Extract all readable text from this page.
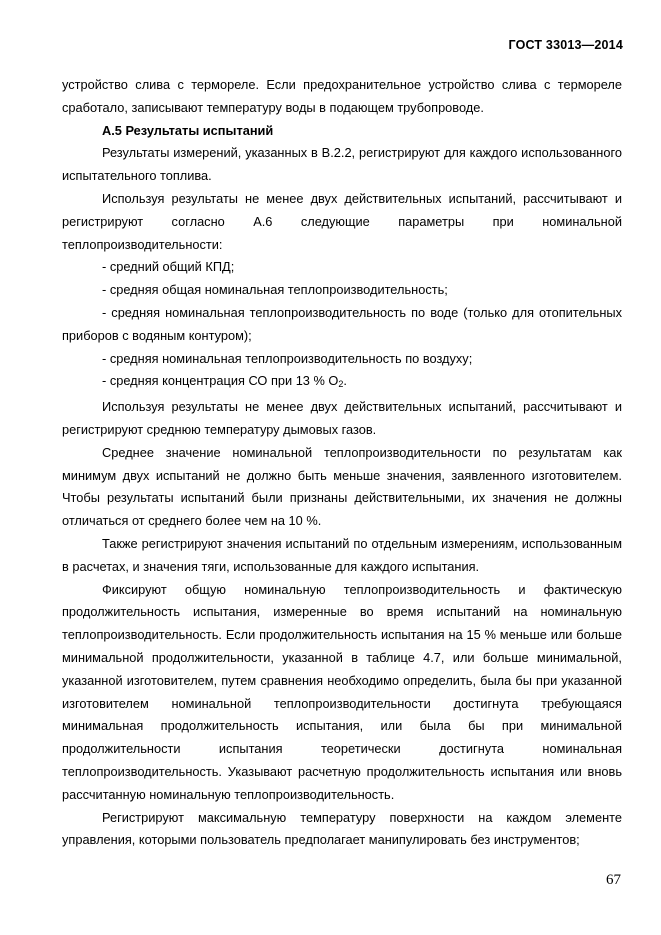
ГОСТ 33013—2014

устройство слива с термореле. Если предохранительное устройство слива с термореле сработало, записывают температуру воды в подающем трубопроводе.

А.5 Результаты испытаний

Результаты измерений, указанных в В.2.2, регистрируют для каждого использованного испытательного топлива.

Используя результаты не менее двух действительных испытаний, рассчитывают и регистрируют согласно А.6 следующие параметры при номинальной теплопроизводительности:

- средний общий КПД;

- средняя общая номинальная теплопроизводительность;

- средняя номинальная теплопроизводительность по воде (только для отопительных приборов с водяным контуром);

- средняя номинальная теплопроизводительность по воздуху;

- средняя концентрация СО при 13 % $О_2$.

Используя результаты не менее двух действительных испытаний, рассчитывают и регистрируют среднюю температуру дымовых газов.

Среднее значение номинальной теплопроизводительности по результатам как минимум двух испытаний не должно быть меньше значения, заявленного изготовителем. Чтобы результаты испытаний были признаны действительными, их значения не должны отличаться от среднего более чем на 10 %.

Также регистрируют значения испытаний по отдельным измерениям, использованным в расчетах, и значения тяги, использованные для каждого испытания.

Фиксируют общую номинальную теплопроизводительность и фактическую продолжительность испытания, измеренные во время испытаний на номинальную теплопроизводительность. Если продолжительность испытания на 15 % меньше или больше минимальной продолжительности, указанной в таблице 4.7, или больше минимальной, указанной изготовителем, путем сравнения необходимо определить, была бы при указанной изготовителем номинальной теплопроизводительности достигнута требующаяся минимальная продолжительность испытания, или была бы при минимальной продолжительности испытания теоретически достигнута номинальная теплопроизводительность. Указывают расчетную продолжительность испытания или вновь рассчитанную номинальную теплопроизводительность.

Регистрируют максимальную температуру поверхности на каждом элементе управления, которыми пользователь предполагает манипулировать без инструментов;

67
